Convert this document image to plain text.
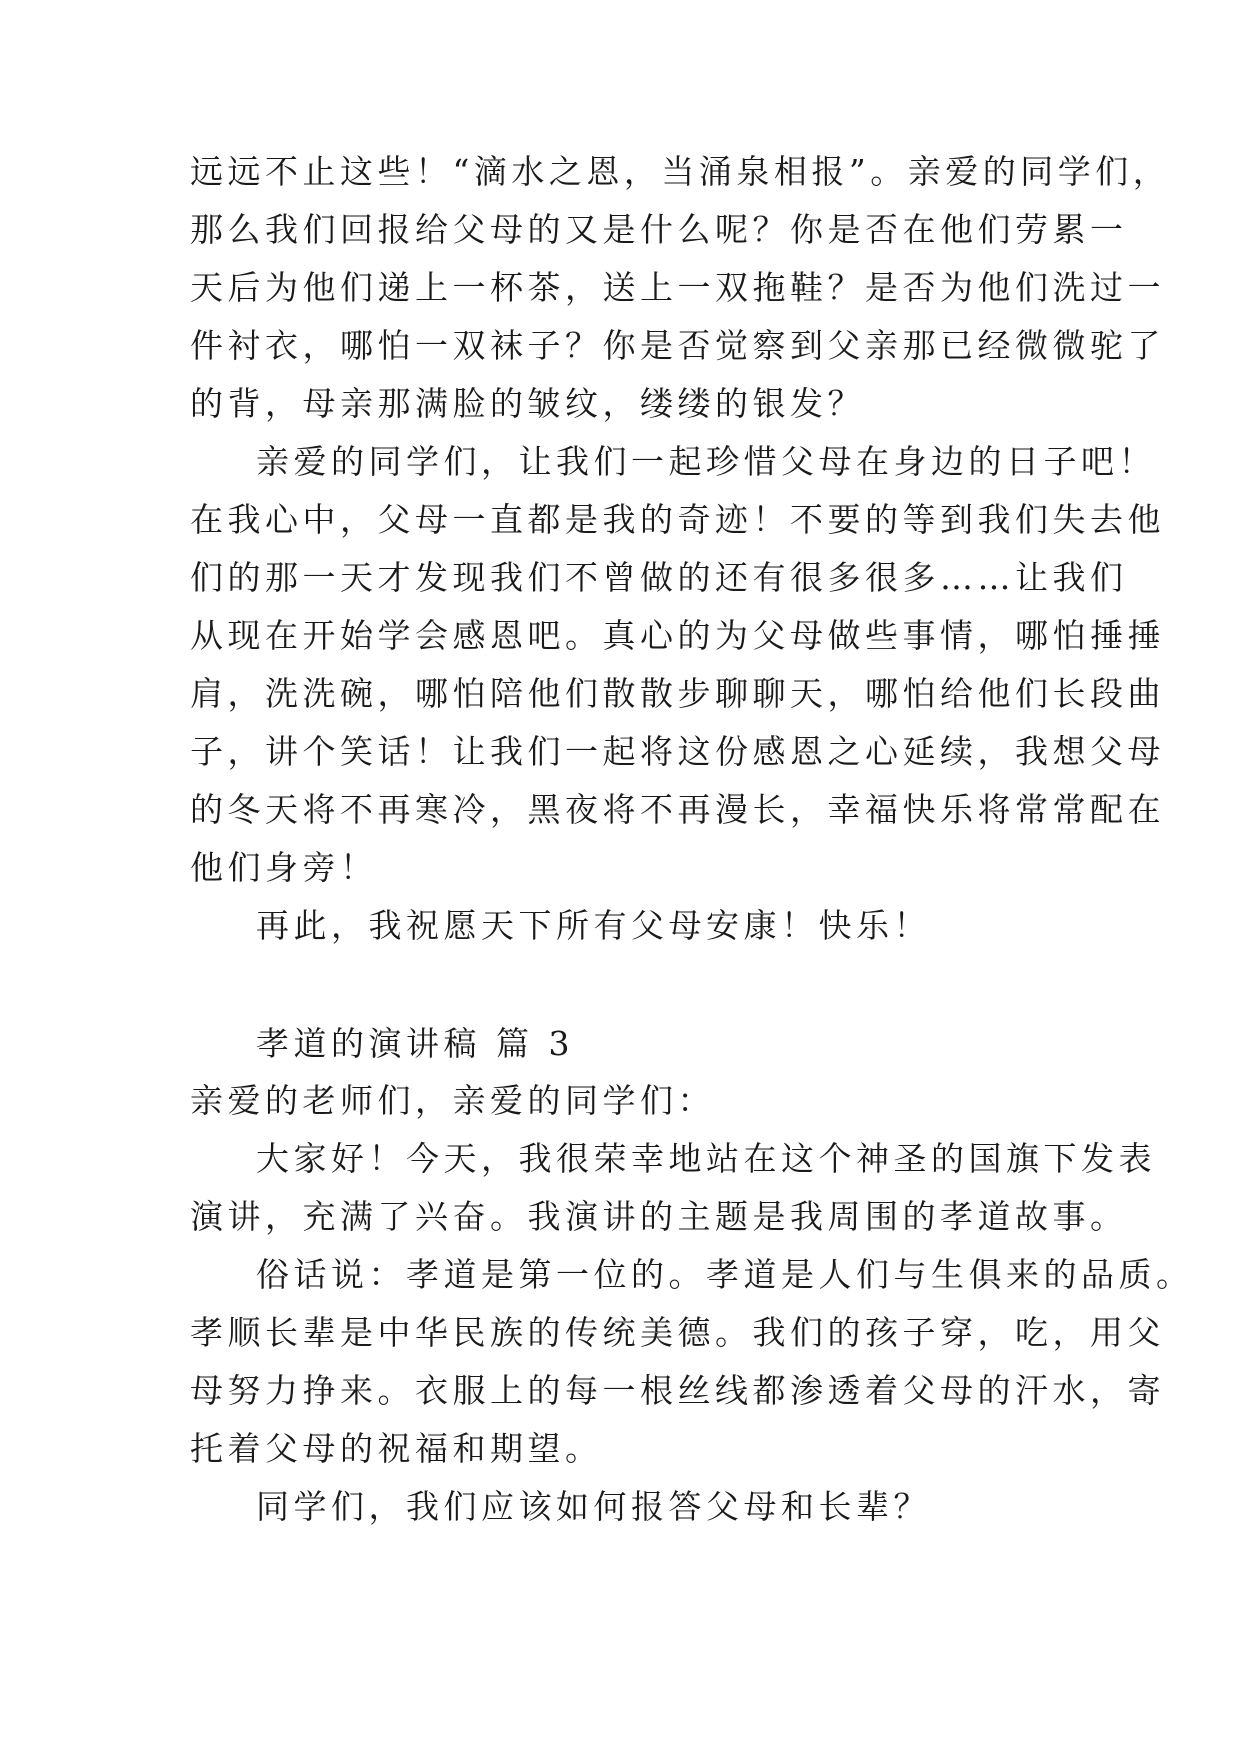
远远不止这些！“滴水之恩，当涌泉相报”。亲爱的同学们，
那么我们回报给父母的又是什么呢？你是否在他们劳累一
天后为他们递上一杯茶，送上一双拖鞋？是否为他们洗过一
件衬衣，哪怕一双袜子？你是否觉察到父亲那已经微微驼了
的背，母亲那满脸的皱纹，缕缕的银发？
亲爱的同学们，让我们一起珍惜父母在身边的日子吧！
在我心中，父母一直都是我的奇迹！不要的等到我们失去他
们的那一天才发现我们不曾做的还有很多很多……让我们
从现在开始学会感恩吧。真心的为父母做些事情，哪怕捶捶
肩，洗洗碗，哪怕陪他们散散步聊聊天，哪怕给他们长段曲
子，讲个笑话！让我们一起将这份感恩之心延续，我想父母
的冬天将不再寒冷，黑夜将不再漫长，幸福快乐将常常配在
他们身旁！
再此，我祝愿天下所有父母安康！快乐！
孝道的演讲稿 篇 3
亲爱的老师们，亲爱的同学们：
大家好！今天，我很荣幸地站在这个神圣的国旗下发表
演讲，充满了兴奋。我演讲的主题是我周围的孝道故事。
俗话说：孝道是第一位的。孝道是人们与生俱来的品质。
孝顺长辈是中华民族的传统美德。我们的孩子穿，吃，用父
母努力挣来。衣服上的每一根丝线都渗透着父母的汗水，寄
托着父母的祝福和期望。
同学们，我们应该如何报答父母和长辈？
